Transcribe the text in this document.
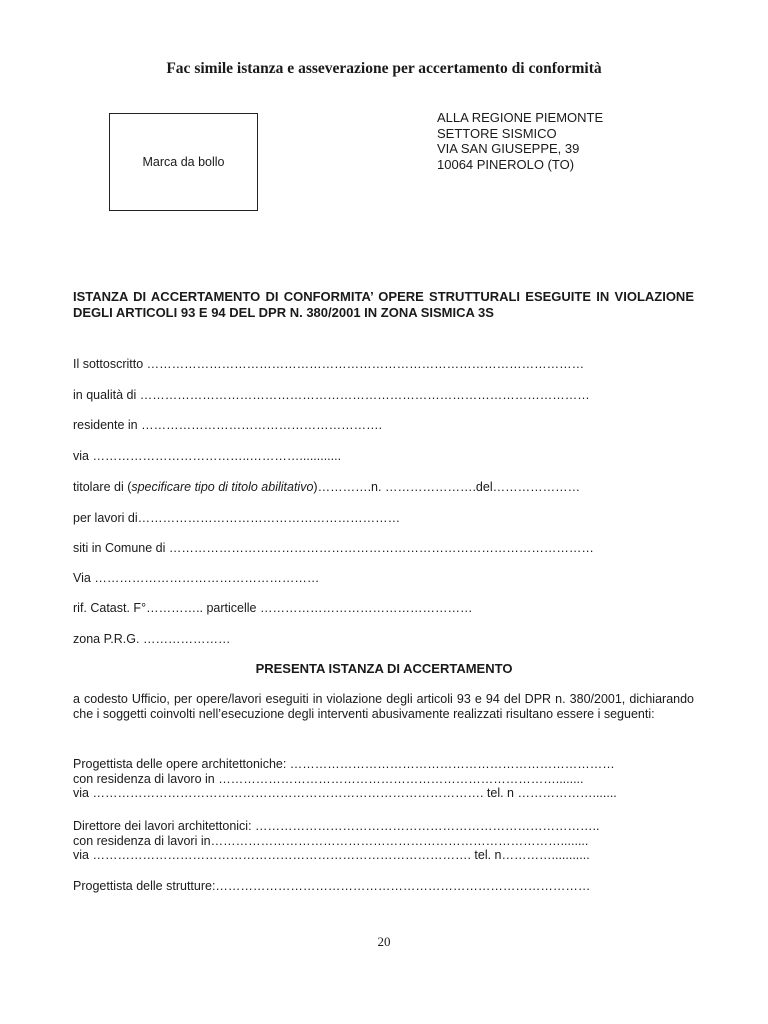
Fac simile istanza e asseverazione per accertamento di conformità
Marca da bollo
ALLA REGIONE PIEMONTE
SETTORE SISMICO
VIA SAN GIUSEPPE, 39
10064 PINEROLO (TO)
ISTANZA DI ACCERTAMENTO DI CONFORMITA’ OPERE STRUTTURALI ESEGUITE IN VIOLAZIONE DEGLI ARTICOLI 93 E 94 DEL DPR N. 380/2001 IN ZONA SISMICA 3S
Il sottoscritto ……………………………………………………………………………………………
in qualità di ………………………………………………………………………………………………
residente in ………………………………………………….
via ………………………………..…………............
titolare di (specificare tipo di titolo abilitativo)………….n. ………………….del…………………
per lavori di………………………………………………………
siti in Comune di …………………………………………………………………………………………
Via ………………………………………………
rif. Catast. F°………….. particelle ……………………………………………
zona P.R.G. …………………
PRESENTA ISTANZA DI ACCERTAMENTO
a codesto Ufficio, per opere/lavori eseguiti in violazione degli articoli 93 e 94 del DPR n. 380/2001, dichiarando che i soggetti coinvolti nell’esecuzione degli interventi abusivamente realizzati risultano essere i seguenti:
Progettista delle opere architettoniche: ……………………………………………………………………
con residenza di lavoro in ………………………………………………………………………........
via …………………………………………………………………………………. tel. n ……………….......
Direttore dei lavori architettonici: ………………………………………………………………………..
con residenza di lavori in…………………………………………………………………………........
via ………………………………………………………………………………. tel. n…………...........
Progettista delle strutture:………………………………………………………………………………
20
